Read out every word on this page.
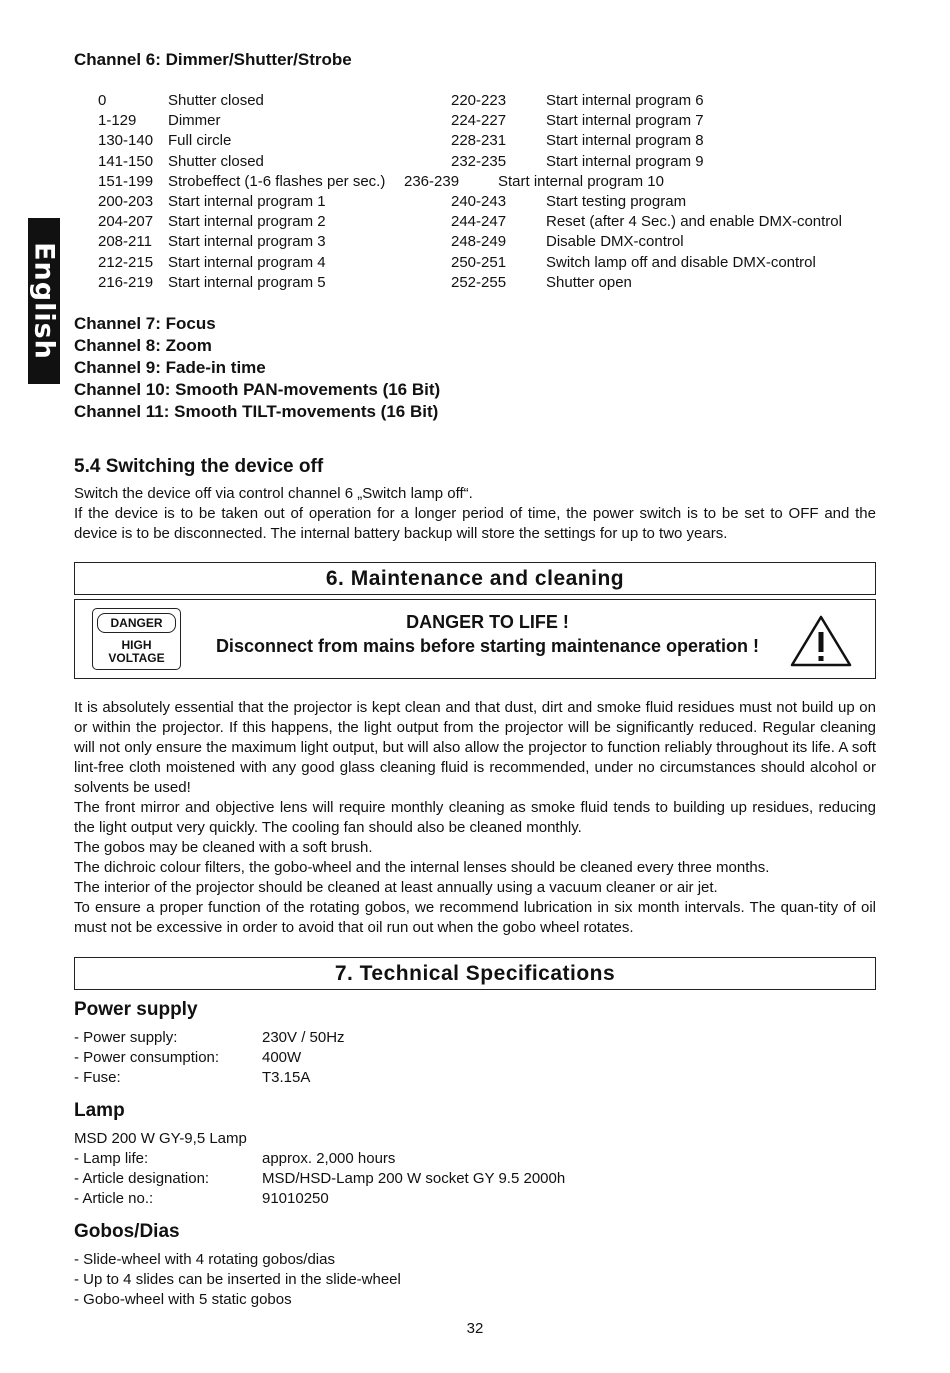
English
Channel 6: Dimmer/Shutter/Strobe
0	Shutter closed	220-223	Start internal program 6
1-129 Dimmer	224-227	Start internal program 7
130-140 Full circle	228-231	Start internal program 8
141-150 Shutter closed	232-235	Start internal program 9
151-199 Strobeffect (1-6 flashes per sec.) 236-239	Start internal program 10
200-203 Start internal program 1	240-243	Start testing program
204-207 Start internal program 2	244-247	Reset (after 4 Sec.) and enable DMX-control
208-211 Start internal program 3	248-249	Disable DMX-control
212-215 Start internal program 4	250-251	Switch lamp off and disable DMX-control
216-219 Start internal program 5	252-255	Shutter open
Channel 7: Focus
Channel 8: Zoom
Channel 9: Fade-in time
Channel 10: Smooth PAN-movements (16 Bit)
Channel 11: Smooth TILT-movements (16 Bit)
5.4 Switching the device off

Switch the device off via control channel 6 „Switch lamp off“.

If the device is to be taken out of operation for a longer period of time, the power switch is to be set to OFF and the device is to be disconnected. The internal battery backup will store the settings for up to two years.

6. Maintenance and cleaning
DANGER
HIGH
VOLTAGE
DANGER TO LIFE !
Disconnect from mains before starting maintenance operation !

It is absolutely essential that the projector is kept clean and that dust, dirt and smoke fluid residues must not build up on or within the projector. If this happens, the light output from the projector will be significantly reduced. Regular cleaning will not only ensure the maximum light output, but will also allow the projector to function reliably throughout its life. A soft lint-free cloth moistened with any good glass cleaning fluid is recommended, under no circumstances should alcohol or solvents be used!

The front mirror and objective lens will require monthly cleaning as smoke fluid tends to building up residues, reducing the light output very quickly. The cooling fan should also be cleaned monthly.

The gobos may be cleaned with a soft brush.

The dichroic colour filters, the gobo-wheel and the internal lenses should be cleaned every three months.

The interior of the projector should be cleaned at least annually using a vacuum cleaner or air jet.

To ensure a proper function of the rotating gobos, we recommend lubrication in six month intervals. The quan-tity of oil must not be excessive in order to avoid that oil run out when the gobo wheel rotates.

7. Technical Specifications
Power supply
- Power supply:	230V / 50Hz
- Power consumption:	400W
- Fuse:	T3.15A
Lamp
MSD 200 W GY-9,5 Lamp
- Lamp life:	approx. 2,000 hours
- Article designation:	MSD/HSD-Lamp 200 W socket GY 9.5 2000h
- Article no.:	91010250
Gobos/Dias
- Slide-wheel with 4 rotating gobos/dias
- Up to 4 slides can be inserted in the slide-wheel
- Gobo-wheel with 5 static gobos
32
